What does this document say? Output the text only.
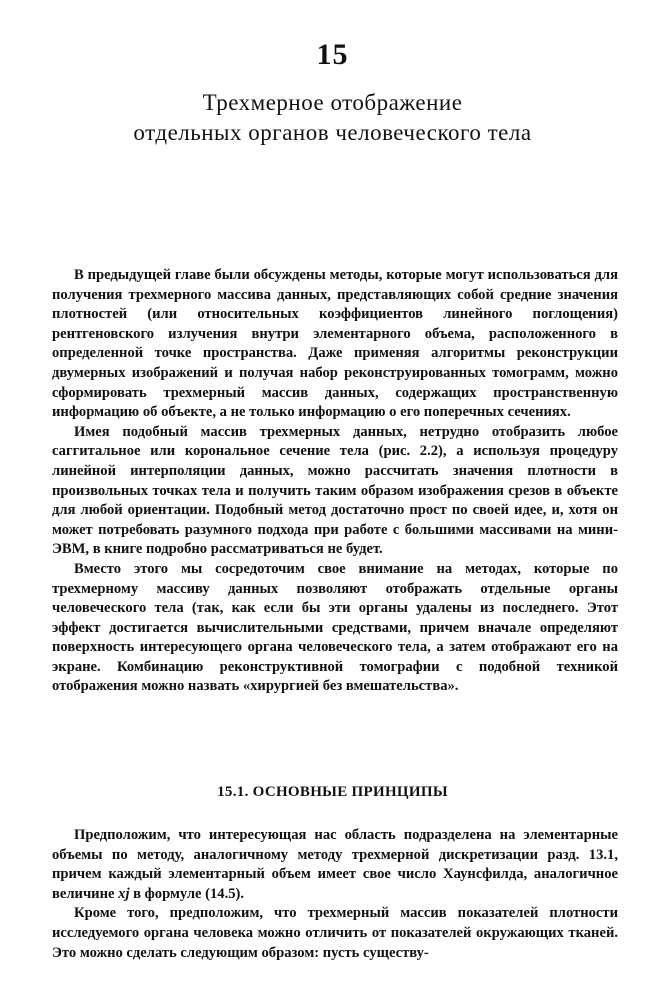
15
Трехмерное отображение
отдельных органов человеческого тела

В предыдущей главе были обсуждены методы, которые могут использоваться для получения трехмерного массива данных, представляющих собой средние значения плотностей (или относительных коэффициентов линейного поглощения) рентгеновского излучения внутри элементарного объема, расположенного в определенной точке пространства. Даже применяя алгоритмы реконструкции двумерных изображений и получая набор реконструированных томограмм, можно сформировать трехмерный массив данных, содержащих пространственную информацию об объекте, а не только информацию о его поперечных сечениях.

Имея подобный массив трехмерных данных, нетрудно отобразить любое саггитальное или корональное сечение тела (рис. 2.2), а используя процедуру линейной интерполяции данных, можно рассчитать значения плотности в произвольных точках тела и получить таким образом изображения срезов в объекте для любой ориентации. Подобный метод достаточно прост по своей идее, и, хотя он может потребовать разумного подхода при работе с большими массивами на мини-ЭВМ, в книге подробно рассматриваться не будет.

Вместо этого мы сосредоточим свое внимание на методах, которые по трехмерному массиву данных позволяют отображать отдельные органы человеческого тела (так, как если бы эти органы удалены из последнего. Этот эффект достигается вычислительными средствами, причем вначале определяют поверхность интересующего органа человеческого тела, а затем отображают его на экране. Комбинацию реконструктивной томографии с подобной техникой отображения можно назвать «хирургией без вмешательства».

15.1. ОСНОВНЫЕ ПРИНЦИПЫ

Предположим, что интересующая нас область подразделена на элементарные объемы по методу, аналогичному методу трехмерной дискретизации разд. 13.1, причем каждый элементарный объем имеет свое число Хаунсфилда, аналогичное величине xj в формуле (14.5).

Кроме того, предположим, что трехмерный массив показателей плотности исследуемого органа человека можно отличить от показателей окружающих тканей. Это можно сделать следующим образом: пусть существу-
